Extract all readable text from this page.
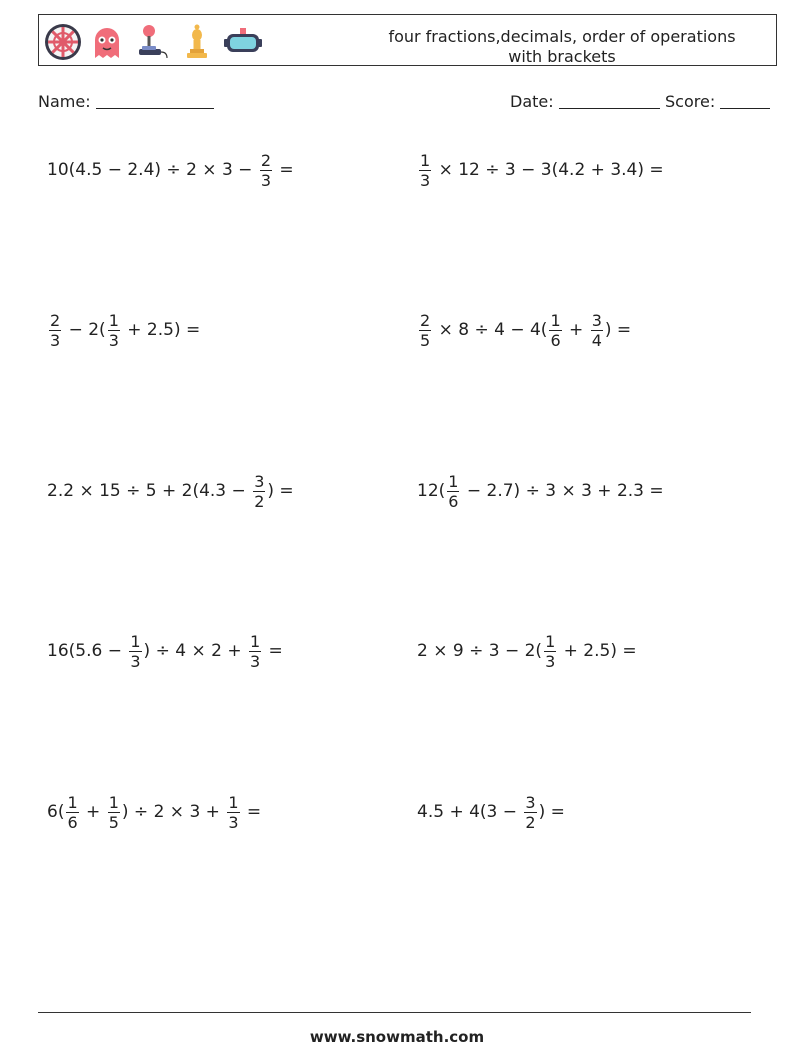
four fractions,decimals, order of operations
with brackets
Name:	Date:	Score:
$10(4.5 - 2.4) \div 2 \times 3 - \frac{2}{3}$ =	$\frac{1}{3} \times 12 \div 3 - 3(4.2 + 3.4)$ =
$\frac{2}{3} - 2( \frac{1}{3} + 2.5)$ =	$\frac{2}{5} \times 8 \div 4 - 4( \frac{1}{6} + \frac{3}{4}$ ) =
$2.2 \times 15 \div 5 + 2(4.3 - \frac{3}{2}$ ) =	$12( \frac{1}{6} - 2.7) \div 3 \times 3 + 2.3$ =
$16(5.6 - \frac{1}{3}$ ) ÷ $4 \times 2 + \frac{1}{3}$ =	$2 \times 9 \div 3 - 2( \frac{1}{3} + 2.5)$ =
$6( \frac{1}{6} + \frac{1}{5}$ ) ÷ $2 \times 3 + \frac{1}{3}$ =	$4.5 + 4(3 - \frac{3}{2}$ ) =
www.snowmath.com
